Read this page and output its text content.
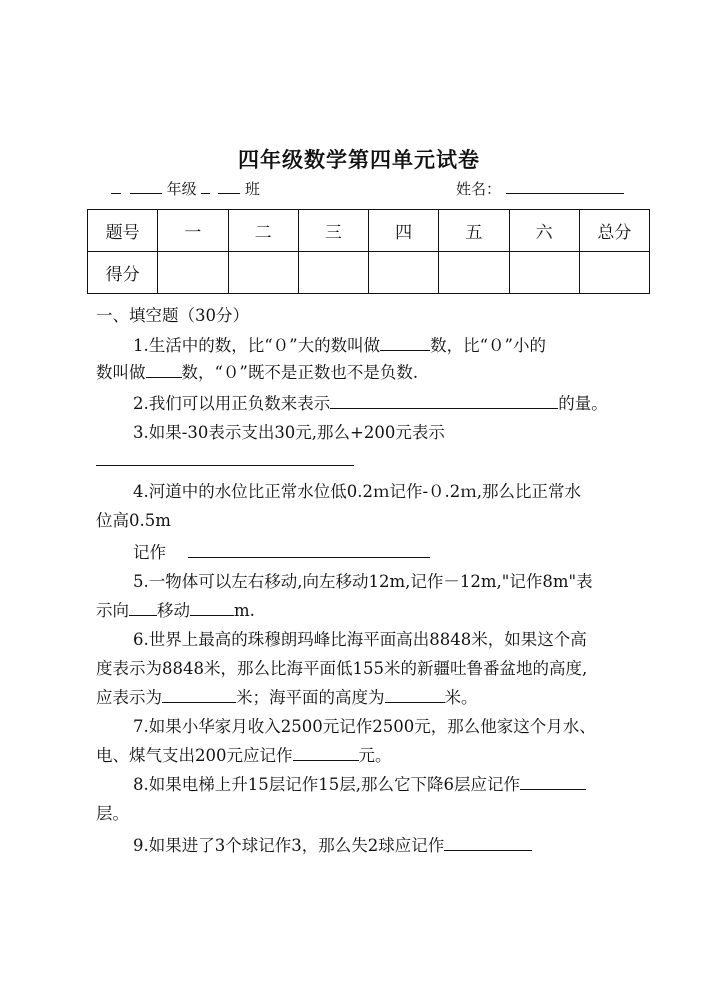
四年级数学第四单元试卷
年级	班	姓名：
题号	一	二	三	四	五	六	总分
得分							
一、填空题（30分）
1.生活中的数，比“０”大的数叫做	数，比“０”小的
数叫做 数，“０”既不是正数也不是负数.
2.我们可以用正负数来表示	的量。
3.如果-30表示支出30元,那么+200元表示
4.河道中的水位比正常水位低0.2ｍ记作-０.2ｍ,那么比正常水
位高0.5m
记作
5.一物体可以左右移动,向左移动12m,记作－12m,"记作8m"表
示向 移动	m.
6.世界上最高的珠穆朗玛峰比海平面高出8848米，如果这个高
度表示为8848米，那么比海平面低155米的新疆吐鲁番盆地的高度,
应表示为	米；海平面的高度为	米。
7.如果小华家月收入2500元记作2500元，那么他家这个月水、
电、煤气支出200元应记作	元。
8.如果电梯上升15层记作15层,那么它下降6层应记作
层。
9.如果进了3个球记作3，那么失2球应记作
